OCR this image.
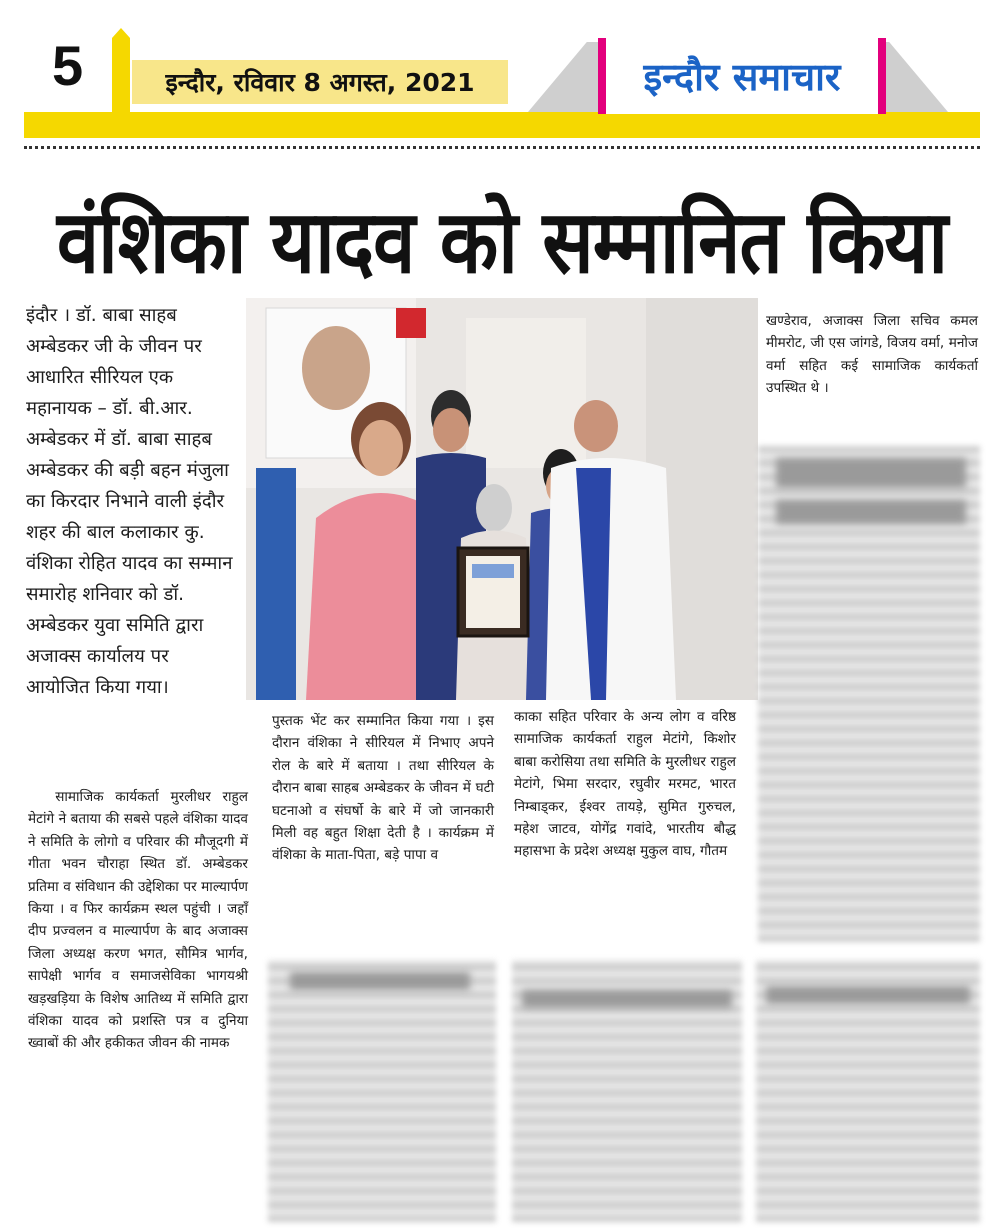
5	इन्दौर, रविवार 8 अगस्त, 2021	इन्दौर समाचार
वंशिका यादव को सम्मानित किया
इंदौर । डॉ. बाबा साहब अम्बेडकर जी के जीवन पर आधारित सीरियल एक महानायक – डॉ. बी.आर. अम्बेडकर में डॉ. बाबा साहब अम्बेडकर की बड़ी बहन मंजुला का किरदार निभाने वाली इंदौर शहर की बाल कलाकार कु. वंशिका रोहित यादव का सम्मान समारोह शनिवार को डॉ. अम्बेडकर युवा समिति द्वारा अजाक्स कार्यालय पर आयोजित किया गया।
सामाजिक कार्यकर्ता मुरलीधर राहुल मेटांगे ने बताया की सबसे पहले वंशिका यादव ने समिति के लोगो व परिवार की मौजूदगी में गीता भवन चौराहा स्थित डॉ. अम्बेडकर प्रतिमा व संविधान की उद्देशिका पर माल्यार्पण किया । व फिर कार्यक्रम स्थल पहुंची । जहाँ दीप प्रज्वलन व माल्यार्पण के बाद अजाक्स जिला अध्यक्ष करण भगत, सौमित्र भार्गव, सापेक्षी भार्गव व समाजसेविका भागयश्री खड़खड़िया के विशेष आतिथ्य में समिति द्वारा वंशिका यादव को प्रशस्ति पत्र व दुनिया ख्वाबों की और हकीकत जीवन की नामक
पुस्तक भेंट कर सम्मानित किया गया । इस दौरान वंशिका ने सीरियल में निभाए अपने रोल के बारे में बताया । तथा सीरियल के दौरान बाबा साहब अम्बेडकर के जीवन में घटी घटनाओ व संघर्षो के बारे में जो जानकारी मिली वह बहुत शिक्षा देती है । कार्यक्रम में वंशिका के माता-पिता, बड़े पापा व
काका सहित परिवार के अन्य लोग व वरिष्ठ सामाजिक कार्यकर्ता राहुल मेटांगे, किशोर बाबा करोसिया तथा समिति के मुरलीधर राहुल मेटांगे, भिमा सरदार, रघुवीर मरमट, भारत निम्बाड्कर, ईश्वर तायड़े, सुमित गुरुचल, महेश जाटव, योगेंद्र गवांदे, भारतीय बौद्ध महासभा के प्रदेश अध्यक्ष मुकुल वाघ, गौतम
खण्डेराव, अजाक्स जिला सचिव कमल मीमरोट, जी एस जांगडे, विजय वर्मा, मनोज वर्मा सहित कई सामाजिक कार्यकर्ता उपस्थित थे ।
